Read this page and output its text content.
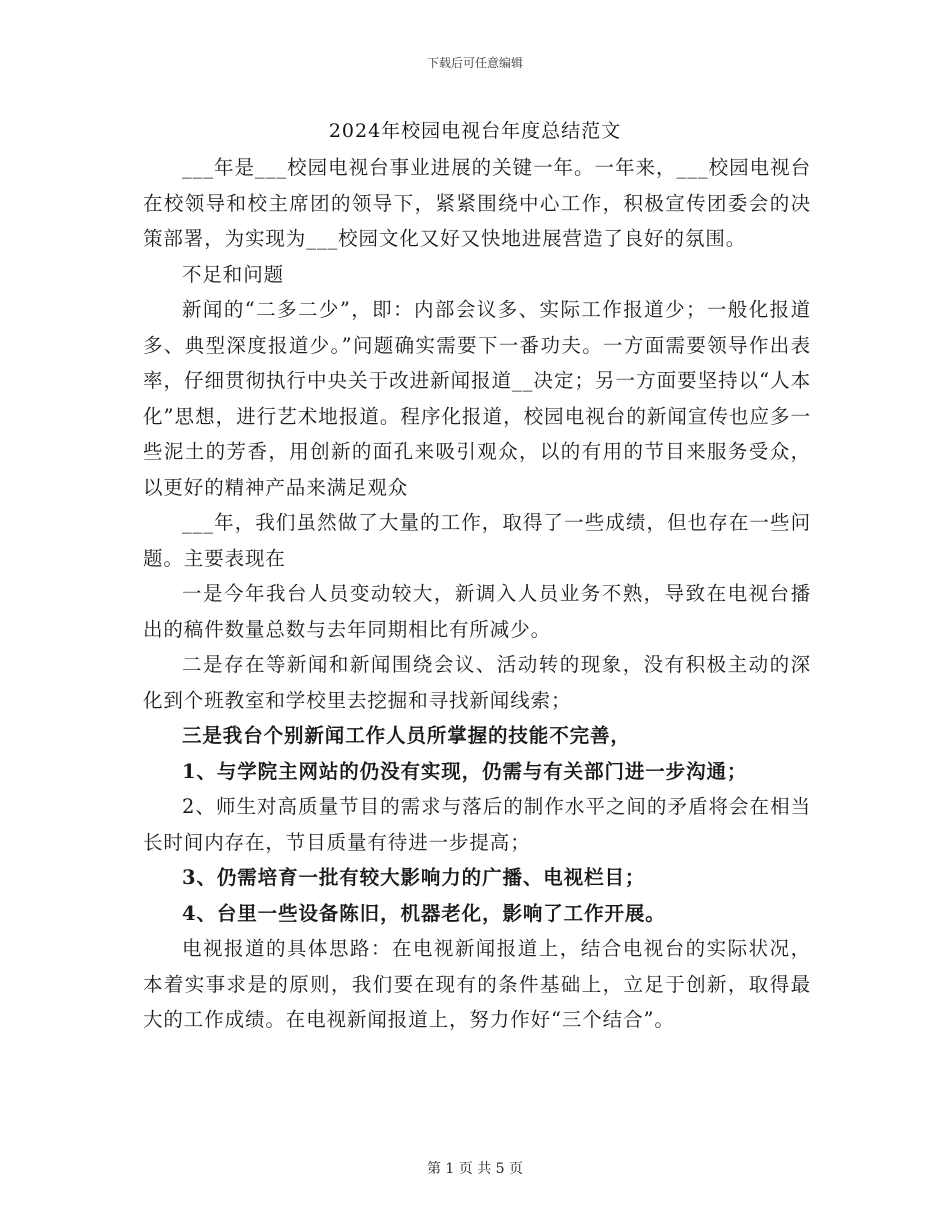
下载后可任意编辑
2024年校园电视台年度总结范文

___年是___校园电视台事业进展的关键一年。一年来，___校园电视台在校领导和校主席团的领导下，紧紧围绕中心工作，积极宣传团委会的决策部署，为实现为___校园文化又好又快地进展营造了良好的氛围。

不足和问题

新闻的“二多二少”，即：内部会议多、实际工作报道少；一般化报道多、典型深度报道少。”问题确实需要下一番功夫。一方面需要领导作出表率，仔细贯彻执行中央关于改进新闻报道__决定；另一方面要坚持以“人本化”思想，进行艺术地报道。程序化报道，校园电视台的新闻宣传也应多一些泥土的芳香，用创新的面孔来吸引观众，以的有用的节目来服务受众，以更好的精神产品来满足观众

___年，我们虽然做了大量的工作，取得了一些成绩，但也存在一些问题。主要表现在

一是今年我台人员变动较大，新调入人员业务不熟，导致在电视台播出的稿件数量总数与去年同期相比有所减少。

二是存在等新闻和新闻围绕会议、活动转的现象，没有积极主动的深化到个班教室和学校里去挖掘和寻找新闻线索；

三是我台个别新闻工作人员所掌握的技能不完善，

1、与学院主网站的仍没有实现，仍需与有关部门进一步沟通；

2、师生对高质量节目的需求与落后的制作水平之间的矛盾将会在相当长时间内存在，节目质量有待进一步提高；

3、仍需培育一批有较大影响力的广播、电视栏目；

4、台里一些设备陈旧，机器老化，影响了工作开展。

电视报道的具体思路：在电视新闻报道上，结合电视台的实际状况，本着实事求是的原则，我们要在现有的条件基础上，立足于创新，取得最大的工作成绩。在电视新闻报道上，努力作好“三个结合”。

第 1 页 共 5 页
